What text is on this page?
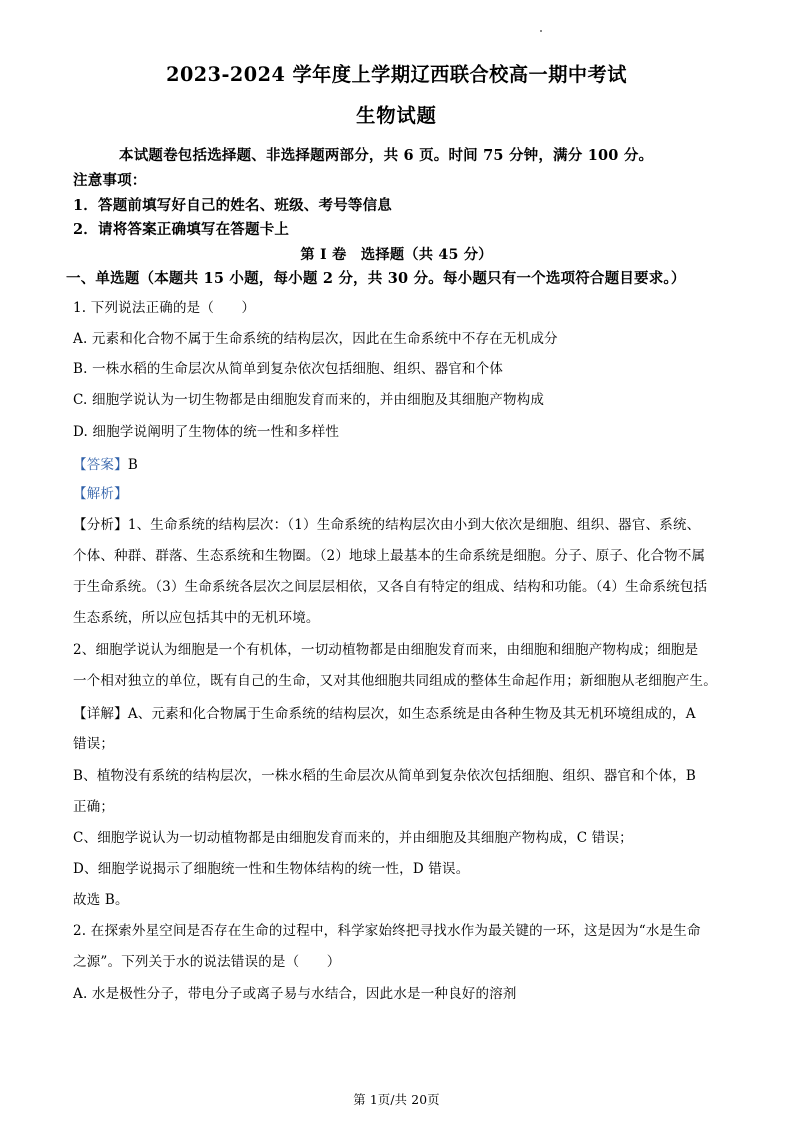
2023-2024 学年度上学期辽西联合校高一期中考试
生物试题
本试题卷包括选择题、非选择题两部分，共 6 页。时间 75 分钟，满分 100 分。
注意事项：
1．答题前填写好自己的姓名、班级、考号等信息
2．请将答案正确填写在答题卡上
第 I 卷　选择题（共 45 分）
一、单选题（本题共 15 小题，每小题 2 分，共 30 分。每小题只有一个选项符合题目要求。）
1. 下列说法正确的是（　　）
A. 元素和化合物不属于生命系统的结构层次，因此在生命系统中不存在无机成分
B. 一株水稻的生命层次从简单到复杂依次包括细胞、组织、器官和个体
C. 细胞学说认为一切生物都是由细胞发育而来的，并由细胞及其细胞产物构成
D. 细胞学说阐明了生物体的统一性和多样性
【答案】B
【解析】
【分析】1、生命系统的结构层次：（1）生命系统的结构层次由小到大依次是细胞、组织、器官、系统、
个体、种群、群落、生态系统和生物圈。（2）地球上最基本的生命系统是细胞。分子、原子、化合物不属
于生命系统。（3）生命系统各层次之间层层相依，又各自有特定的组成、结构和功能。（4）生命系统包括
生态系统，所以应包括其中的无机环境。
2、细胞学说认为细胞是一个有机体，一切动植物都是由细胞发育而来，由细胞和细胞产物构成；细胞是
一个相对独立的单位，既有自己的生命，又对其他细胞共同组成的整体生命起作用；新细胞从老细胞产生。
【详解】A、元素和化合物属于生命系统的结构层次，如生态系统是由各种生物及其无机环境组成的，A
错误；
B、植物没有系统的结构层次，一株水稻的生命层次从简单到复杂依次包括细胞、组织、器官和个体，B
正确；
C、细胞学说认为一切动植物都是由细胞发育而来的，并由细胞及其细胞产物构成，C 错误；
D、细胞学说揭示了细胞统一性和生物体结构的统一性，D 错误。
故选 B。
2. 在探索外星空间是否存在生命的过程中，科学家始终把寻找水作为最关键的一环，这是因为“水是生命
之源”。下列关于水的说法错误的是（　　）
A. 水是极性分子，带电分子或离子易与水结合，因此水是一种良好的溶剂
第 1页/共 20页
